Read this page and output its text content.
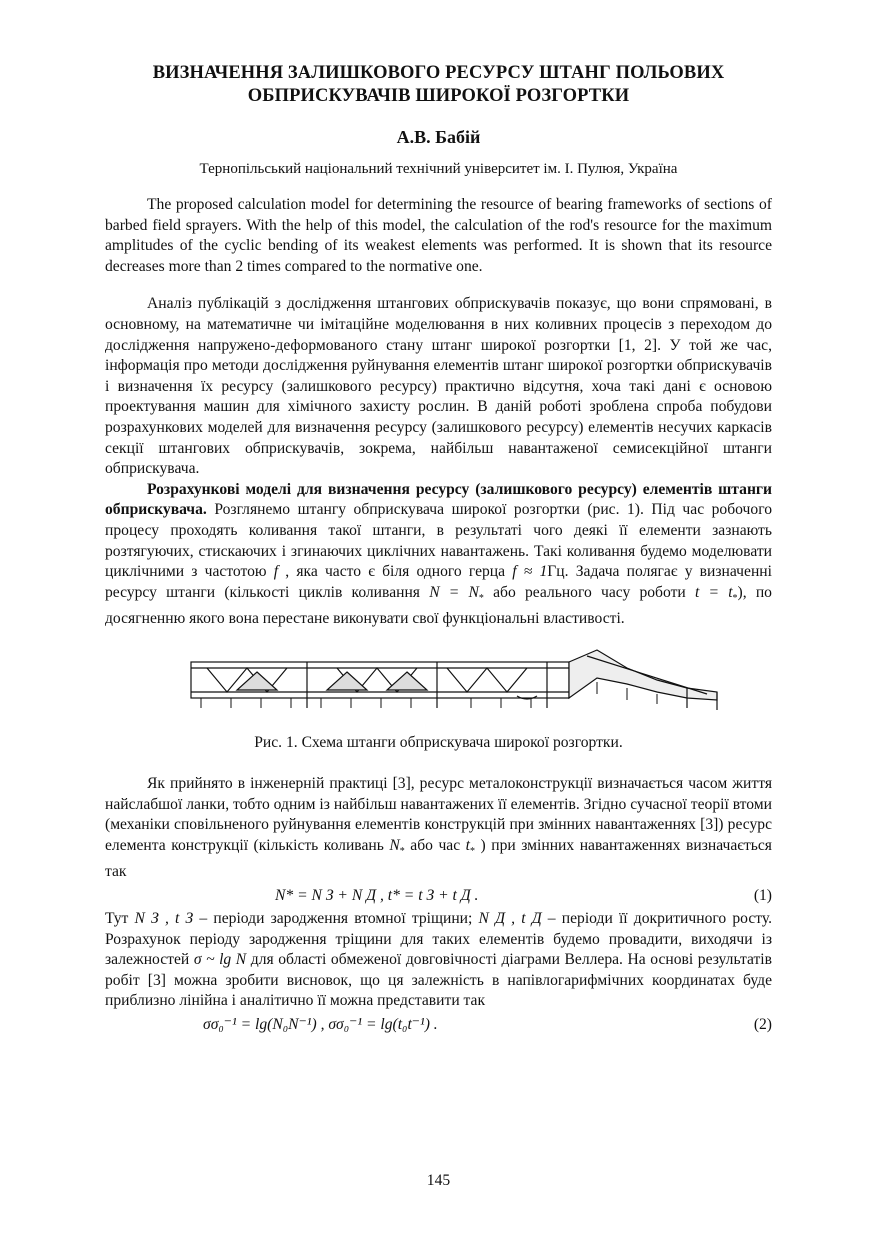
ВИЗНАЧЕННЯ ЗАЛИШКОВОГО РЕСУРСУ ШТАНГ ПОЛЬОВИХ
ОБПРИСКУВАЧІВ ШИРОКОЇ РОЗГОРТКИ
А.В. Бабій
Тернопільський національний технічний університет ім. І. Пулюя, Україна

The proposed calculation model for determining the resource of bearing frameworks of sections of barbed field sprayers. With the help of this model, the calculation of the rod's resource for the maximum amplitudes of the cyclic bending of its weakest elements was performed. It is shown that its resource decreases more than 2 times compared to the normative one.

Аналіз публікацій з дослідження штангових обприскувачів показує, що вони спрямовані, в основному, на математичне чи імітаційне моделювання в них коливних процесів з переходом до дослідження напружено-деформованого стану штанг широкої розгортки [1, 2]. У той же час, інформація про методи дослідження руйнування елементів штанг широкої розгортки обприскувачів і визначення їх ресурсу (залишкового ресурсу) практично відсутня, хоча такі дані є основою проектування машин для хімічного захисту рослин. В даній роботі зроблена спроба побудови розрахункових моделей для визначення ресурсу (залишкового ресурсу) елементів несучих каркасів секції штангових обприскувачів, зокрема, найбільш навантаженої семисекційної штанги обприскувача.

Розрахункові моделі для визначення ресурсу (залишкового ресурсу) елементів штанги обприскувача. Розглянемо штангу обприскувача широкої розгортки (рис. 1). Під час робочого процесу проходять коливання такої штанги, в результаті чого деякі її елементи зазнають розтягуючих, стискаючих і згинаючих циклічних навантажень. Такі коливання будемо моделювати циклічними з частотою f , яка часто є біля одного герца f ≈ 1Гц. Задача полягає у визначенні ресурсу штанги (кількості циклів коливання $N = N_*$ або реального часу роботи $t = t_*$), по досягненню якого вона перестане виконувати свої функціональні властивості.

Рис. 1. Схема штанги обприскувача широкої розгортки.

Як прийнято в інженерній практиці [3], ресурс металоконструкції визначається часом життя найслабшої ланки, тобто одним із найбільш навантажених її елементів. Згідно сучасної теорії втоми (механіки сповільненого руйнування елементів конструкцій при змінних навантаженнях [3]) ресурс елемента конструкції (кількість коливань $N_*$ або час $t_*$ ) при змінних навантаженнях визначається так

N* = N З + N Д , t* = t З + t Д .	(1)

Тут N З , t З – періоди зародження втомної тріщини; N Д , t Д – періоди її докритичного росту. Розрахунок періоду зародження тріщини для таких елементів будемо провадити, виходячи із залежностей σ ~ lg N для області обмеженої довговічності діаграми Веллера. На основі результатів робіт [3] можна зробити висновок, що ця залежність в напівлогарифмічних координатах буде приблизно лінійна і аналітично її можна представити так

σσ₀⁻¹ = lg(N₀N⁻¹) , σσ₀⁻¹ = lg(t₀t⁻¹) .	(2)
145
